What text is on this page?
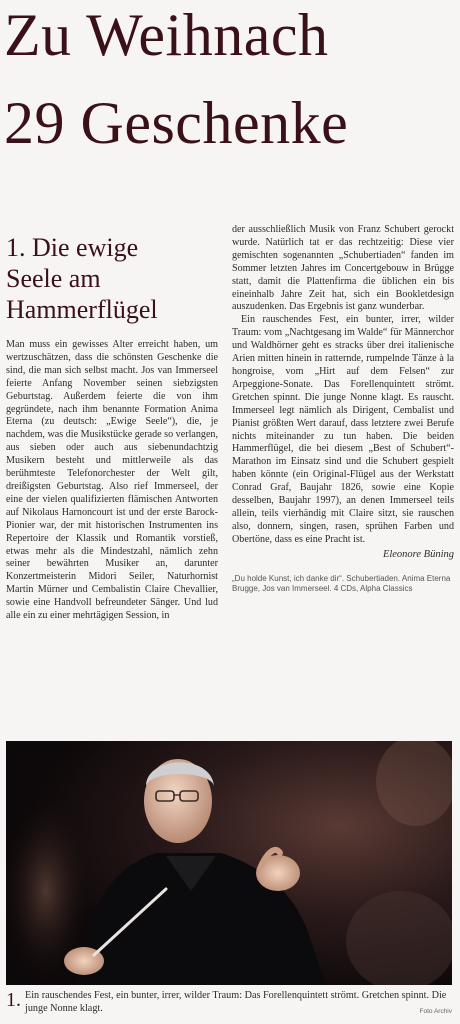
Zu Weihnach
29 Geschenke
1. Die ewige
Seele am
Hammerflügel

Man muss ein gewisses Alter erreicht haben, um wertzuschätzen, dass die schönsten Geschenke die sind, die man sich selbst macht. Jos van Immerseel feierte Anfang November seinen siebzigsten Geburtstag. Außerdem feierte die von ihm gegründete, nach ihm benannte Formation Anima Eterna (zu deutsch: „Ewige Seele“), die, je nachdem, was die Musikstücke gerade so verlangen, aus sieben oder auch aus siebenundachtzig Musikern besteht und mittlerweile als das berühmteste Telefonorchester der Welt gilt, dreißigsten Geburtstag. Also rief Immerseel, der eine der vielen qualifizierten flämischen Antworten auf Nikolaus Harnoncourt ist und der erste Barock-Pionier war, der mit historischen Instrumenten ins Repertoire der Klassik und Romantik vorstieß, etwas mehr als die Mindestzahl, nämlich zehn seiner bewährten Musiker an, darunter Konzertmeisterin Midori Seiler, Naturhornist Martin Mürner und Cembalistin Claire Chevallier, sowie eine Handvoll befreundeter Sänger. Und lud alle ein zu einer mehrtägigen Session, in

der ausschließlich Musik von Franz Schubert gerockt wurde. Natürlich tat er das rechtzeitig: Diese vier gemischten sogenannten „Schubertiaden“ fanden im Sommer letzten Jahres im Concertgebouw in Brügge statt, damit die Plattenfirma die üblichen ein bis eineinhalb Jahre Zeit hat, sich ein Bookletdesign auszudenken. Das Ergebnis ist ganz wunderbar.

Ein rauschendes Fest, ein bunter, irrer, wilder Traum: vom „Nachtgesang im Walde“ für Männerchor und Waldhörner geht es stracks über drei italienische Arien mitten hinein in ratternde, rumpelnde Tänze à la hongroise, vom „Hirt auf dem Felsen“ zur Arpeggione-Sonate. Das Forellenquintett strömt. Gretchen spinnt. Die junge Nonne klagt. Es rauscht. Immerseel legt nämlich als Dirigent, Cembalist und Pianist größten Wert darauf, dass letztere zwei Berufe nichts miteinander zu tun haben. Die beiden Hammerflügel, die bei diesem „Best of Schubert“-Marathon im Einsatz sind und die Schubert gespielt haben könnte (ein Original-Flügel aus der Werkstatt Conrad Graf, Baujahr 1826, sowie eine Kopie desselben, Baujahr 1997), an denen Immerseel teils allein, teils vierhändig mit Claire sitzt, sie rauschen also, donnern, singen, rasen, sprühen Farben und Obertöne, dass es eine Pracht ist.

Eleonore Büning
„Du holde Kunst, ich danke dir“. Schubertiaden. Anima Eterna Brugge, Jos van Immerseel. 4 CDs, Alpha Classics
1. Ein rauschendes Fest, ein bunter, irrer, wilder Traum: Das Forellenquintett strömt. Gretchen spinnt. Die junge Nonne klagt.	Foto Archiv
